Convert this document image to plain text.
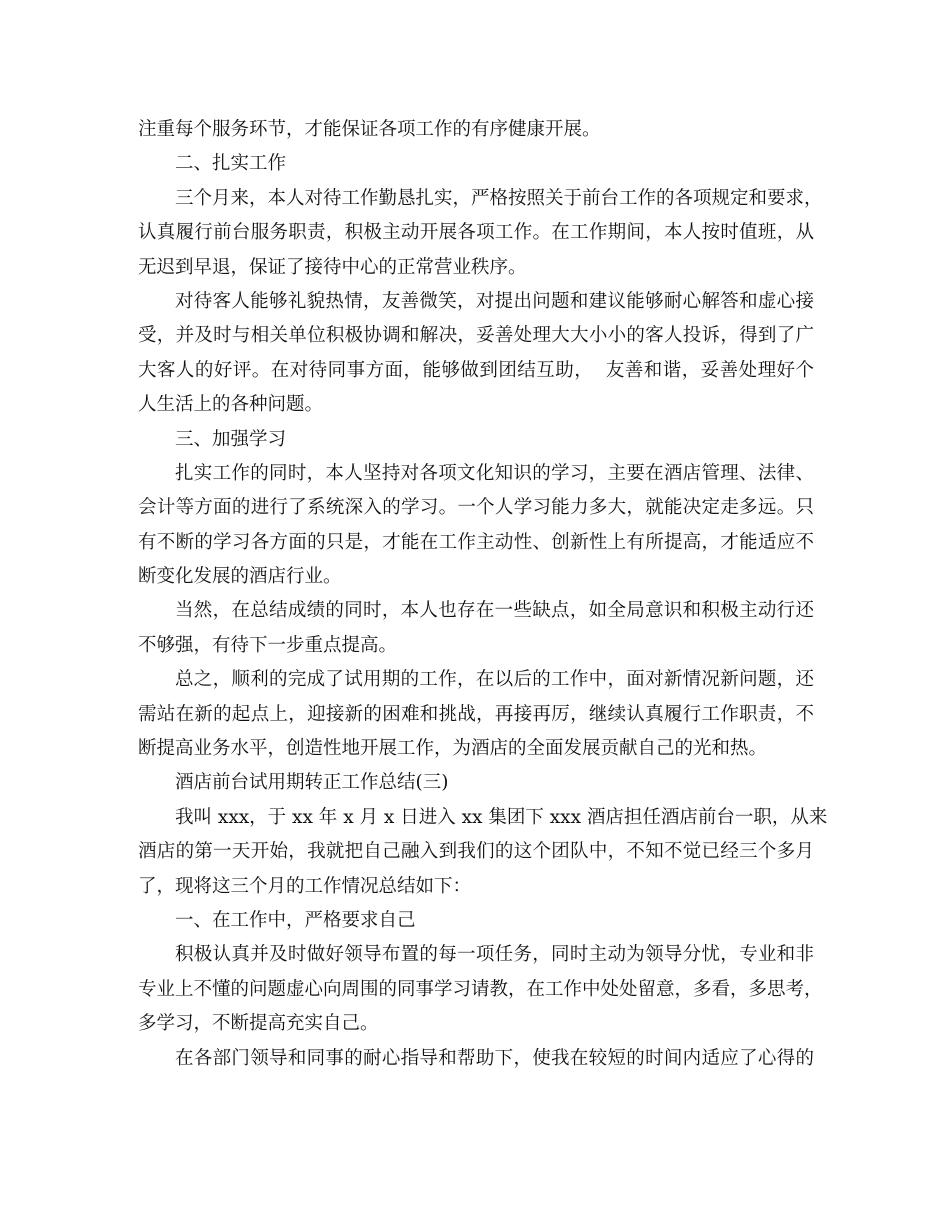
注重每个服务环节，才能保证各项工作的有序健康开展。
二、扎实工作
三个月来，本人对待工作勤恳扎实，严格按照关于前台工作的各项规定和要求，
认真履行前台服务职责，积极主动开展各项工作。在工作期间，本人按时值班，从
无迟到早退，保证了接待中心的正常营业秩序。
对待客人能够礼貌热情，友善微笑，对提出问题和建议能够耐心解答和虚心接
受，并及时与相关单位积极协调和解决，妥善处理大大小小的客人投诉，得到了广
大客人的好评。在对待同事方面，能够做到团结互助，  友善和谐，妥善处理好个
人生活上的各种问题。
三、加强学习
扎实工作的同时，本人坚持对各项文化知识的学习，主要在酒店管理、法律、
会计等方面的进行了系统深入的学习。一个人学习能力多大，就能决定走多远。只
有不断的学习各方面的只是，才能在工作主动性、创新性上有所提高，才能适应不
断变化发展的酒店行业。
当然，在总结成绩的同时，本人也存在一些缺点，如全局意识和积极主动行还
不够强，有待下一步重点提高。
总之，顺利的完成了试用期的工作，在以后的工作中，面对新情况新问题，还
需站在新的起点上，迎接新的困难和挑战，再接再厉，继续认真履行工作职责，不
断提高业务水平，创造性地开展工作，为酒店的全面发展贡献自己的光和热。
酒店前台试用期转正工作总结(三)
我叫 xxx，于 xx 年 x 月 x 日进入 xx 集团下 xxx 酒店担任酒店前台一职，从来
酒店的第一天开始，我就把自己融入到我们的这个团队中，不知不觉已经三个多月
了，现将这三个月的工作情况总结如下：
一、在工作中，严格要求自己
积极认真并及时做好领导布置的每一项任务，同时主动为领导分忧，专业和非
专业上不懂的问题虚心向周围的同事学习请教，在工作中处处留意，多看，多思考，
多学习，不断提高充实自己。
在各部门领导和同事的耐心指导和帮助下，使我在较短的时间内适应了心得的
